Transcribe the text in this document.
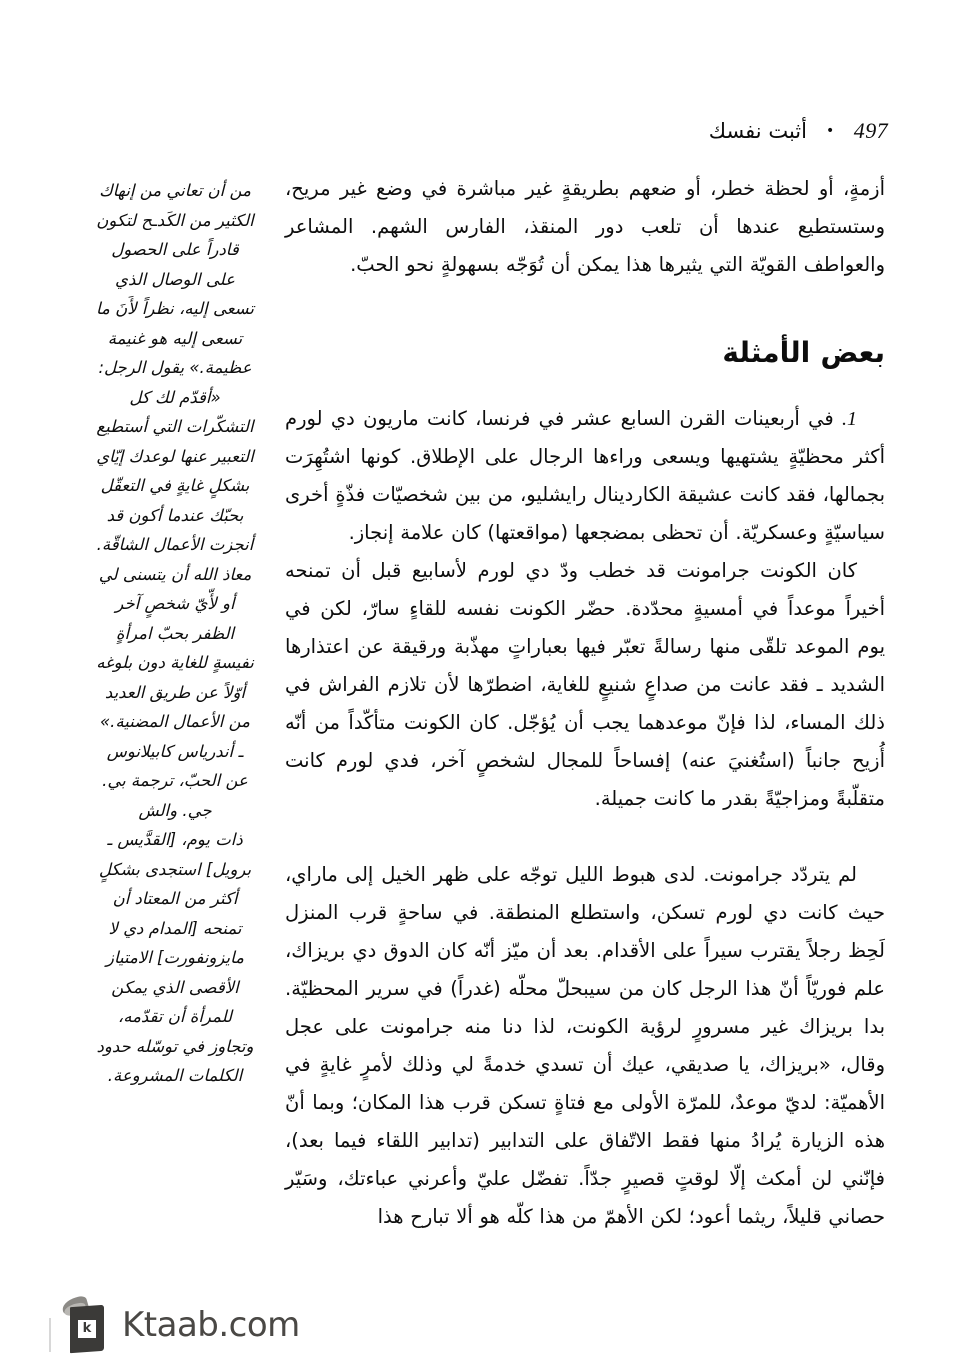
497 • أثبت نفسك

أزمةٍ، أو لحظة خطر، أو ضعهم بطريقةٍ غير مباشرة في وضع غير مريح، وستستطيع عندها أن تلعب دور المنقذ، الفارس الشهم. المشاعر والعواطف القويّة التي يثيرها هذا يمكن أن تُوَجّه بسهولةٍ نحو الحبّ.

بعض الأمثلة

1. في أربعينات القرن السابع عشر في فرنسا، كانت ماريون دي لورم أكثر محظيّةٍ يشتهيها ويسعى وراءها الرجال على الإطلاق. كونها اشتُهِرَت بجمالها، فقد كانت عشيقة الكاردينال رايشليو، من بين شخصيّات فذّةٍ أخرى سياسيّةٍ وعسكريّة. أن تحظى بمضجعها (مواقعتها) كان علامة إنجاز.

كان الكونت جرامونت قد خطب ودّ دي لورم لأسابيع قبل أن تمنحه أخيراً موعداً في أمسيةٍ محدّدة. حضّر الكونت نفسه للقاءٍ سارّ، لكن في يوم الموعد تلقّى منها رسالةً تعبّر فيها بعباراتٍ مهذّبة ورقيقة عن اعتذارها الشديد ـ فقد عانت من صداعٍ شنيعٍ للغاية، اضطرّها لأن تلازم الفراش في ذلك المساء، لذا فإنّ موعدهما يجب أن يُؤجّل. كان الكونت متأكّداً من أنّه أُزيح جانباً (استُغنيَ عنه) إفساحاً للمجال لشخصٍ آخر، فدي لورم كانت متقلّبةً ومزاجيّةً بقدر ما كانت جميلة.

لم يتردّد جرامونت. لدى هبوط الليل توجّه على ظهر الخيل إلى ماراي، حيث كانت دي لورم تسكن، واستطلع المنطقة. في ساحةٍ قرب المنزل لَحِظ رجلاً يقترب سيراً على الأقدام. بعد أن ميّز أنّه كان الدوق دي بريزاك، علم فوريّاً أنّ هذا الرجل كان من سيبحلّ محلّه (غدراً) في سرير المحظيّة. بدا بريزاك غير مسرورٍ لرؤية الكونت، لذا دنا منه جرامونت على عجل وقال، «بريزاك، يا صديقي، عيك أن تسدي خدمةً لي وذلك لأمرٍ غايةٍ في الأهميّة: لديّ موعدٌ، للمرّة الأولى مع فتاةٍ تسكن قرب هذا المكان؛ وبما أنّ هذه الزيارة يُرادُ منها فقط الاتّفاق على التدابير (تدابير اللقاء فيما بعد)، فإنّني لن أمكث إلّا لوقتٍ قصيرٍ جدّاً. تفضّل عليّ وأعرني عباءتك، وسَيّر حصاني قليلاً، ريثما أعود؛ لكن الأهمّ من هذا كلّه هو ألا تبارح هذا

من أن تعاني من إنهاك الكثير من الكَدـح لتكون قادراً على الحصول على الوصال الذي تسعى إليه، نظراً لأَنَ ما تسعى إليه هو غنيمة عظيمة.» يقول الرجل: «أقدّم لك كل التشكّرات التي أستطيع التعبير عنها لوعدك إيّاي بشكلٍ غايةٍ في التعقّل بحبّك عندما أكون قد أنجزت الأعمال الشاقّة. معاذ الله أن يتسنى لي أو لأّيّ شخصٍ آخر الظفر بحبّ امرأةٍ نفيسةٍ للغاية دون بلوغه أوّلاً عن طريق العديد من الأعمال المضنية.»

ـ أندرياس كابيلانوس عن الحبّ، ترجمة بي. جي. والش

ذات يوم، [القدَّيس ـ برويل] استجدى بشكلٍ أكثر من المعتاد أن تمنحه [المدام دي لا مايزونفورت] الامتياز الأقصى الذي يمكن للمرأة أن تقدّمه، وتجاوز في توسّله حدود الكلمات المشروعة.

k Ktaab.com
